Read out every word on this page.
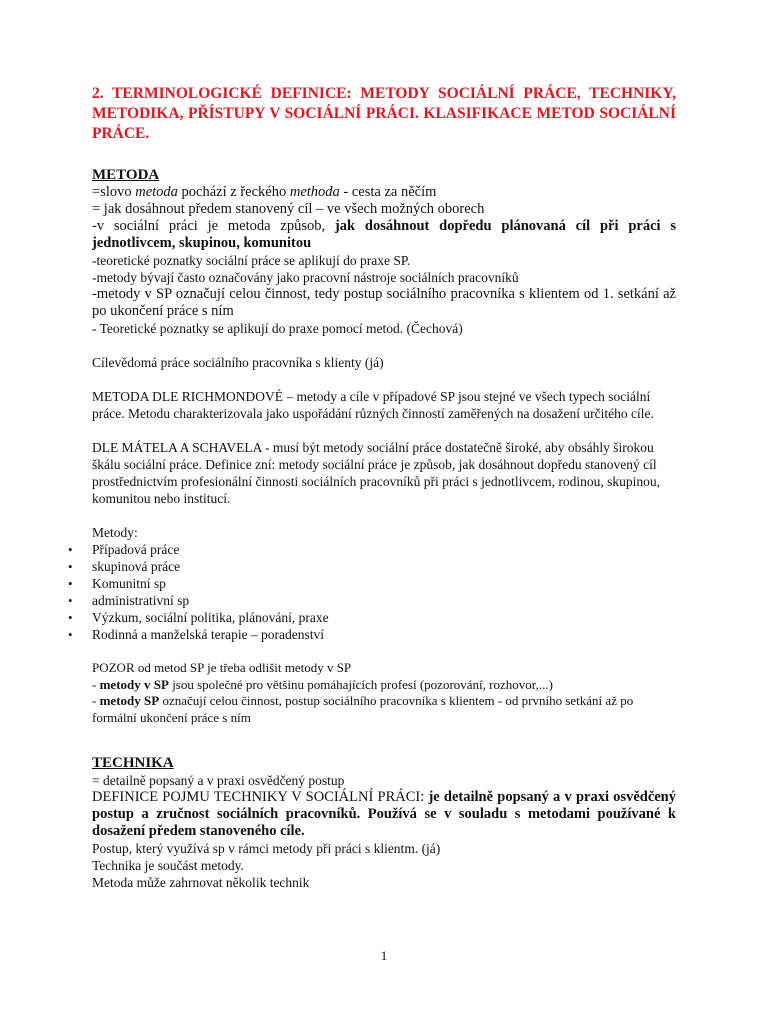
2. TERMINOLOGICKÉ DEFINICE: METODY SOCIÁLNÍ PRÁCE, TECHNIKY, METODIKA, PŘÍSTUPY V SOCIÁLNÍ PRÁCI. KLASIFIKACE METOD SOCIÁLNÍ PRÁCE.

METODA

=slovo metoda pochází z řeckého methoda - cesta za něčím

= jak dosáhnout předem stanovený cíl – ve všech možných oborech

-v sociální práci je metoda způsob, jak dosáhnout dopředu plánovaná cíl při práci s jednotlivcem, skupinou, komunitou

-teoretické poznatky sociální práce se aplikují do praxe SP.

-metody bývají často označovány jako pracovní nástroje sociálních pracovníků

-metody v SP označují celou činnost, tedy postup sociálního pracovníka s klientem od 1. setkání až po ukončení práce s ním

- Teoretické poznatky se aplikují do praxe pomocí metod. (Čechová)

Cílevědomá práce sociálního pracovníka s klienty (já)

METODA DLE RICHMONDOVÉ – metody a cíle v případové SP jsou stejné ve všech typech sociální práce. Metodu charakterizovala jako uspořádání různých činností zaměřených na dosažení určitého cíle.

DLE MÁTELA A SCHAVELA - musí být metody sociální práce dostatečně široké, aby obsáhly širokou škálu sociální práce. Definice zní: metody sociální práce je způsob, jak dosáhnout dopředu stanovený cíl prostřednictvím profesionální činnosti sociálních pracovníků při práci s jednotlivcem, rodinou, skupinou, komunitou nebo institucí.

Metody:

• Případová práce
• skupinová práce
• Komunitní sp
• administrativní sp
• Výzkum, sociální politika, plánování, praxe
• Rodinná a manželská terapie – poradenství

POZOR od metod SP je třeba odlišit metody v SP

- metody v SP jsou společné pro většinu pomáhajících profesí (pozorování, rozhovor,...)

- metody SP označují celou činnost, postup sociálního pracovníka s klientem - od prvního setkání až po formální ukončení práce s ním

TECHNIKA

= detailně popsaný a v praxi osvědčený postup

DEFINICE POJMU TECHNIKY V SOCIÁLNÍ PRÁCI: je detailně popsaný a v praxi osvědčený postup a zručnost sociálních pracovníků. Používá se v souladu s metodami používané k dosažení předem stanoveného cíle.

Postup, který využívá sp v rámci metody při práci s klientm. (já)

Technika je součást metody.

Metoda může zahrnovat několik technik

1
